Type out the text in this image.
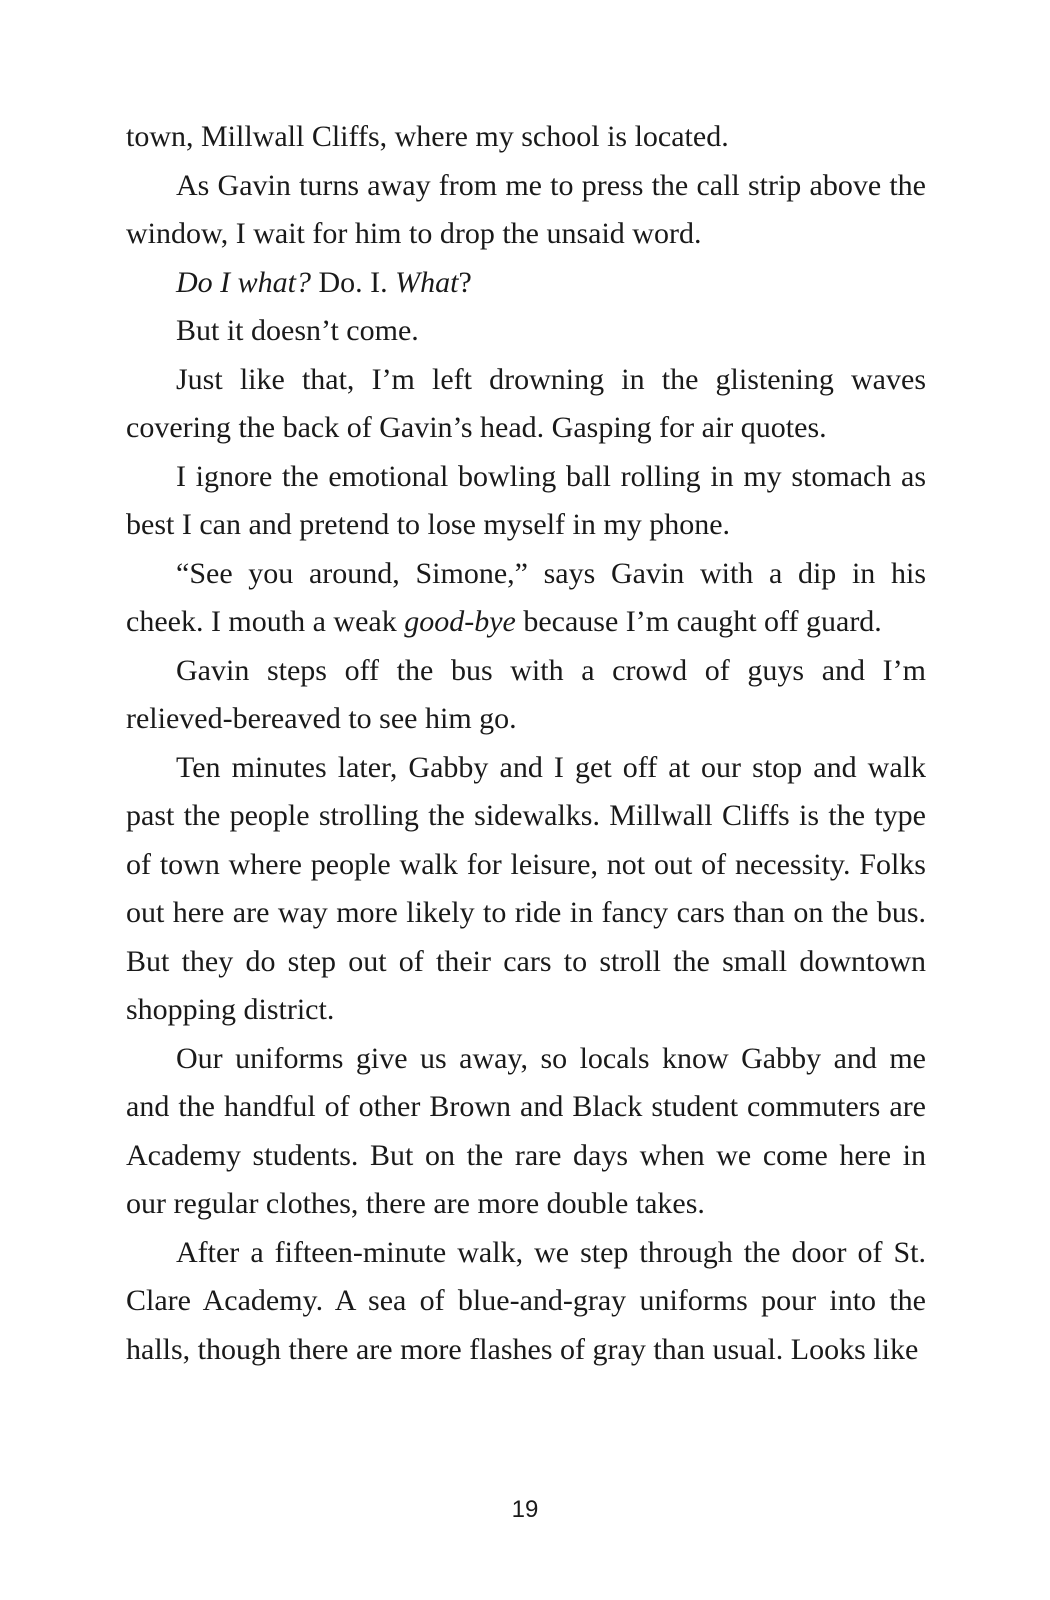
town, Millwall Cliffs, where my school is located.

As Gavin turns away from me to press the call strip above the window, I wait for him to drop the unsaid word.

Do I what? Do. I. What?

But it doesn’t come.

Just like that, I’m left drowning in the glistening waves covering the back of Gavin’s head. Gasping for air quotes.

I ignore the emotional bowling ball rolling in my stomach as best I can and pretend to lose myself in my phone.

“See you around, Simone,” says Gavin with a dip in his cheek. I mouth a weak good-bye because I’m caught off guard.

Gavin steps off the bus with a crowd of guys and I’m relieved-bereaved to see him go.

Ten minutes later, Gabby and I get off at our stop and walk past the people strolling the sidewalks. Millwall Cliffs is the type of town where people walk for leisure, not out of necessity. Folks out here are way more likely to ride in fancy cars than on the bus. But they do step out of their cars to stroll the small downtown shopping district.

Our uniforms give us away, so locals know Gabby and me and the handful of other Brown and Black student commuters are Academy students. But on the rare days when we come here in our regular clothes, there are more double takes.

After a fifteen-minute walk, we step through the door of St. Clare Academy. A sea of blue-and-gray uniforms pour into the halls, though there are more flashes of gray than usual. Looks like

19
